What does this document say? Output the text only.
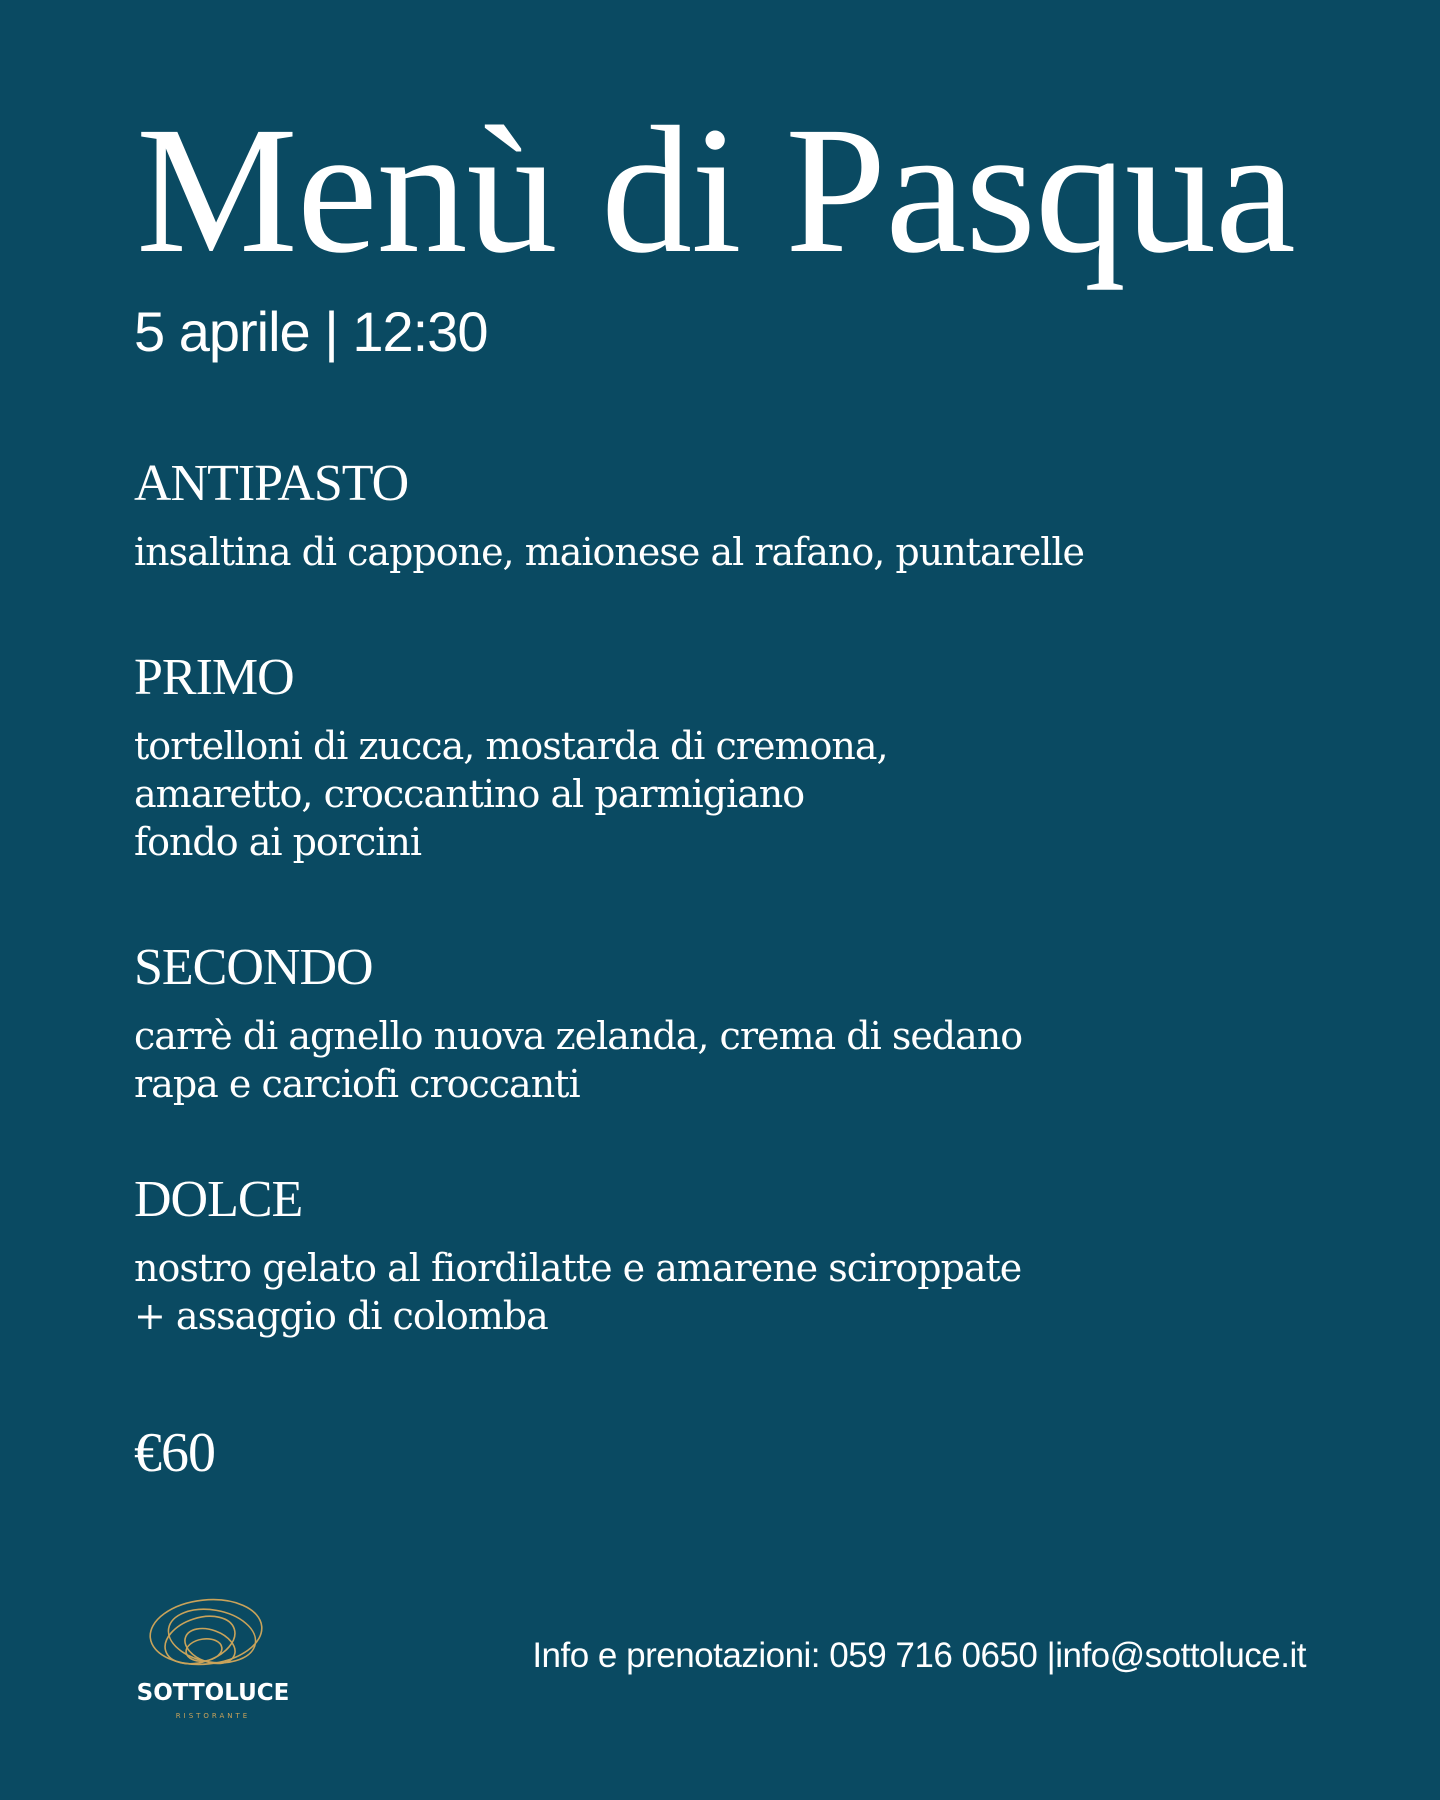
Menù di Pasqua
5 aprile | 12:30
ANTIPASTO
insaltina di cappone, maionese al rafano, puntarelle
PRIMO
tortelloni di zucca, mostarda di cremona,
amaretto, croccantino al parmigiano
fondo ai porcini
SECONDO
carrè di agnello nuova zelanda, crema di sedano
rapa e carciofi croccanti
DOLCE
nostro gelato al fiordilatte e amarene sciroppate
+ assaggio di colomba
€60
SOTTOLUCE
RISTORANTE
Info e prenotazioni: 059 716 0650 |info@sottoluce.it
